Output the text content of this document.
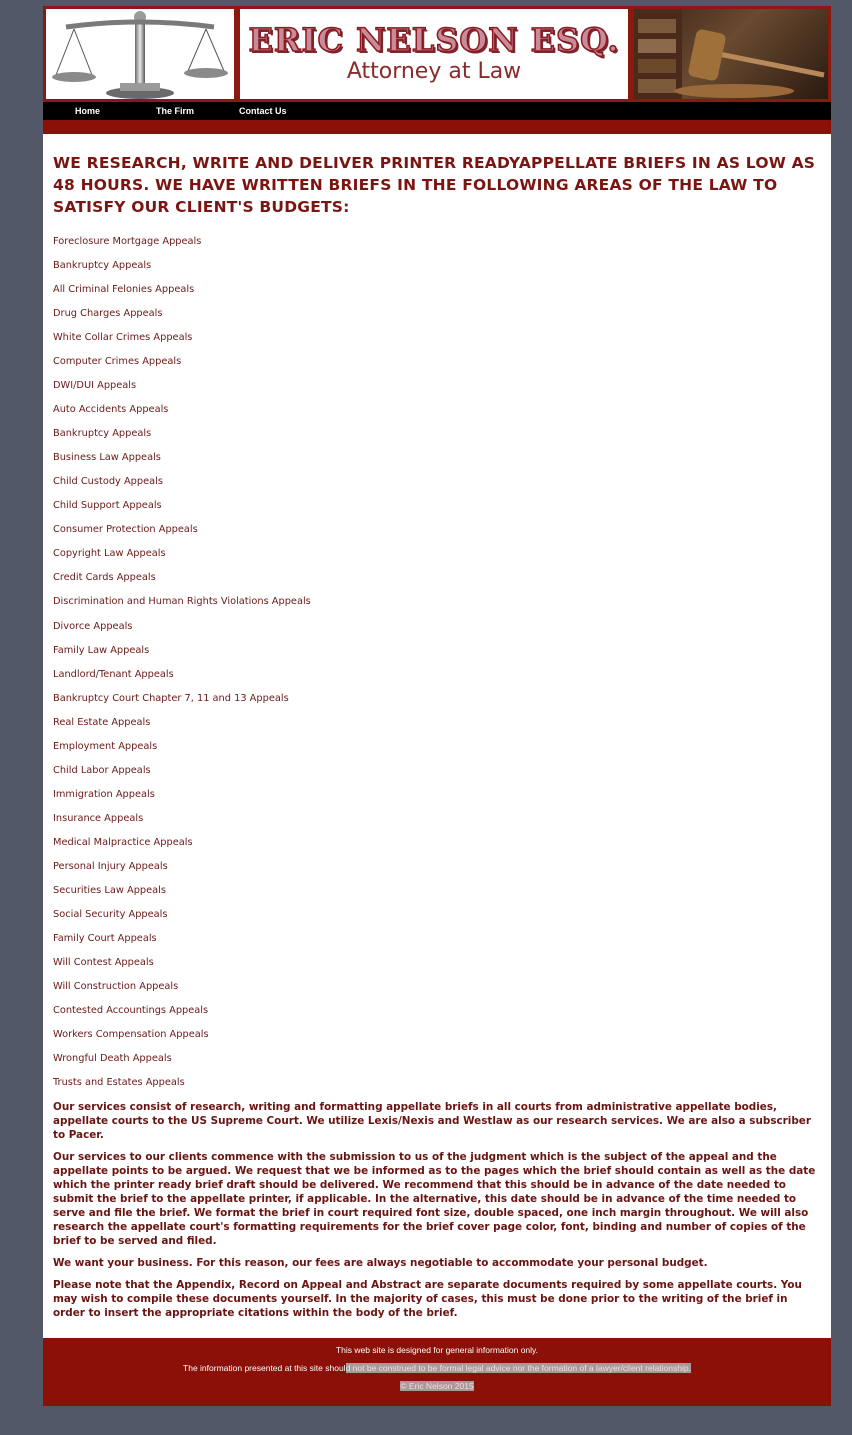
ERIC NELSON ESQ.
Attorney at Law
Home	The Firm	Contact Us
WE RESEARCH, WRITE AND DELIVER PRINTER READYAPPELLATE BRIEFS IN AS LOW AS 48 HOURS. WE HAVE WRITTEN BRIEFS IN THE FOLLOWING AREAS OF THE LAW TO SATISFY OUR CLIENT'S BUDGETS:
Foreclosure Mortgage Appeals
Bankruptcy Appeals
All Criminal Felonies Appeals
Drug Charges Appeals
White Collar Crimes Appeals
Computer Crimes Appeals
DWI/DUI Appeals
Auto Accidents Appeals
Bankruptcy Appeals
Business Law Appeals
Child Custody Appeals
Child Support Appeals
Consumer Protection Appeals
Copyright Law Appeals
Credit Cards Appeals
Discrimination and Human Rights Violations Appeals
Divorce Appeals
Family Law Appeals
Landlord/Tenant Appeals
Bankruptcy Court Chapter 7, 11 and 13 Appeals
Real Estate Appeals
Employment Appeals
Child Labor Appeals
Immigration Appeals
Insurance Appeals
Medical Malpractice Appeals
Personal Injury Appeals
Securities Law Appeals
Social Security Appeals
Family Court Appeals
Will Contest Appeals
Will Construction Appeals
Contested Accountings Appeals
Workers Compensation Appeals
Wrongful Death Appeals
Trusts and Estates Appeals

Our services consist of research, writing and formatting appellate briefs in all courts from administrative appellate bodies, appellate courts to the US Supreme Court. We utilize Lexis/Nexis and Westlaw as our research services. We are also a subscriber to Pacer.

Our services to our clients commence with the submission to us of the judgment which is the subject of the appeal and the appellate points to be argued. We request that we be informed as to the pages which the brief should contain as well as the date which the printer ready brief draft should be delivered. We recommend that this should be in advance of the date needed to submit the brief to the appellate printer, if applicable. In the alternative, this date should be in advance of the time needed to serve and file the brief. We format the brief in court required font size, double spaced, one inch margin throughout. We will also research the appellate court's formatting requirements for the brief cover page color, font, binding and number of copies of the brief to be served and filed.

We want your business. For this reason, our fees are always negotiable to accommodate your personal budget.

Please note that the Appendix, Record on Appeal and Abstract are separate documents required by some appellate courts. You may wish to compile these documents yourself. In the majority of cases, this must be done prior to the writing of the brief in order to insert the appropriate citations within the body of the brief.

This web site is designed for general information only.
The information presented at this site should not be construed to be formal legal advice nor the formation of a lawyer/client relationship.
© Eric Nelson 2015
